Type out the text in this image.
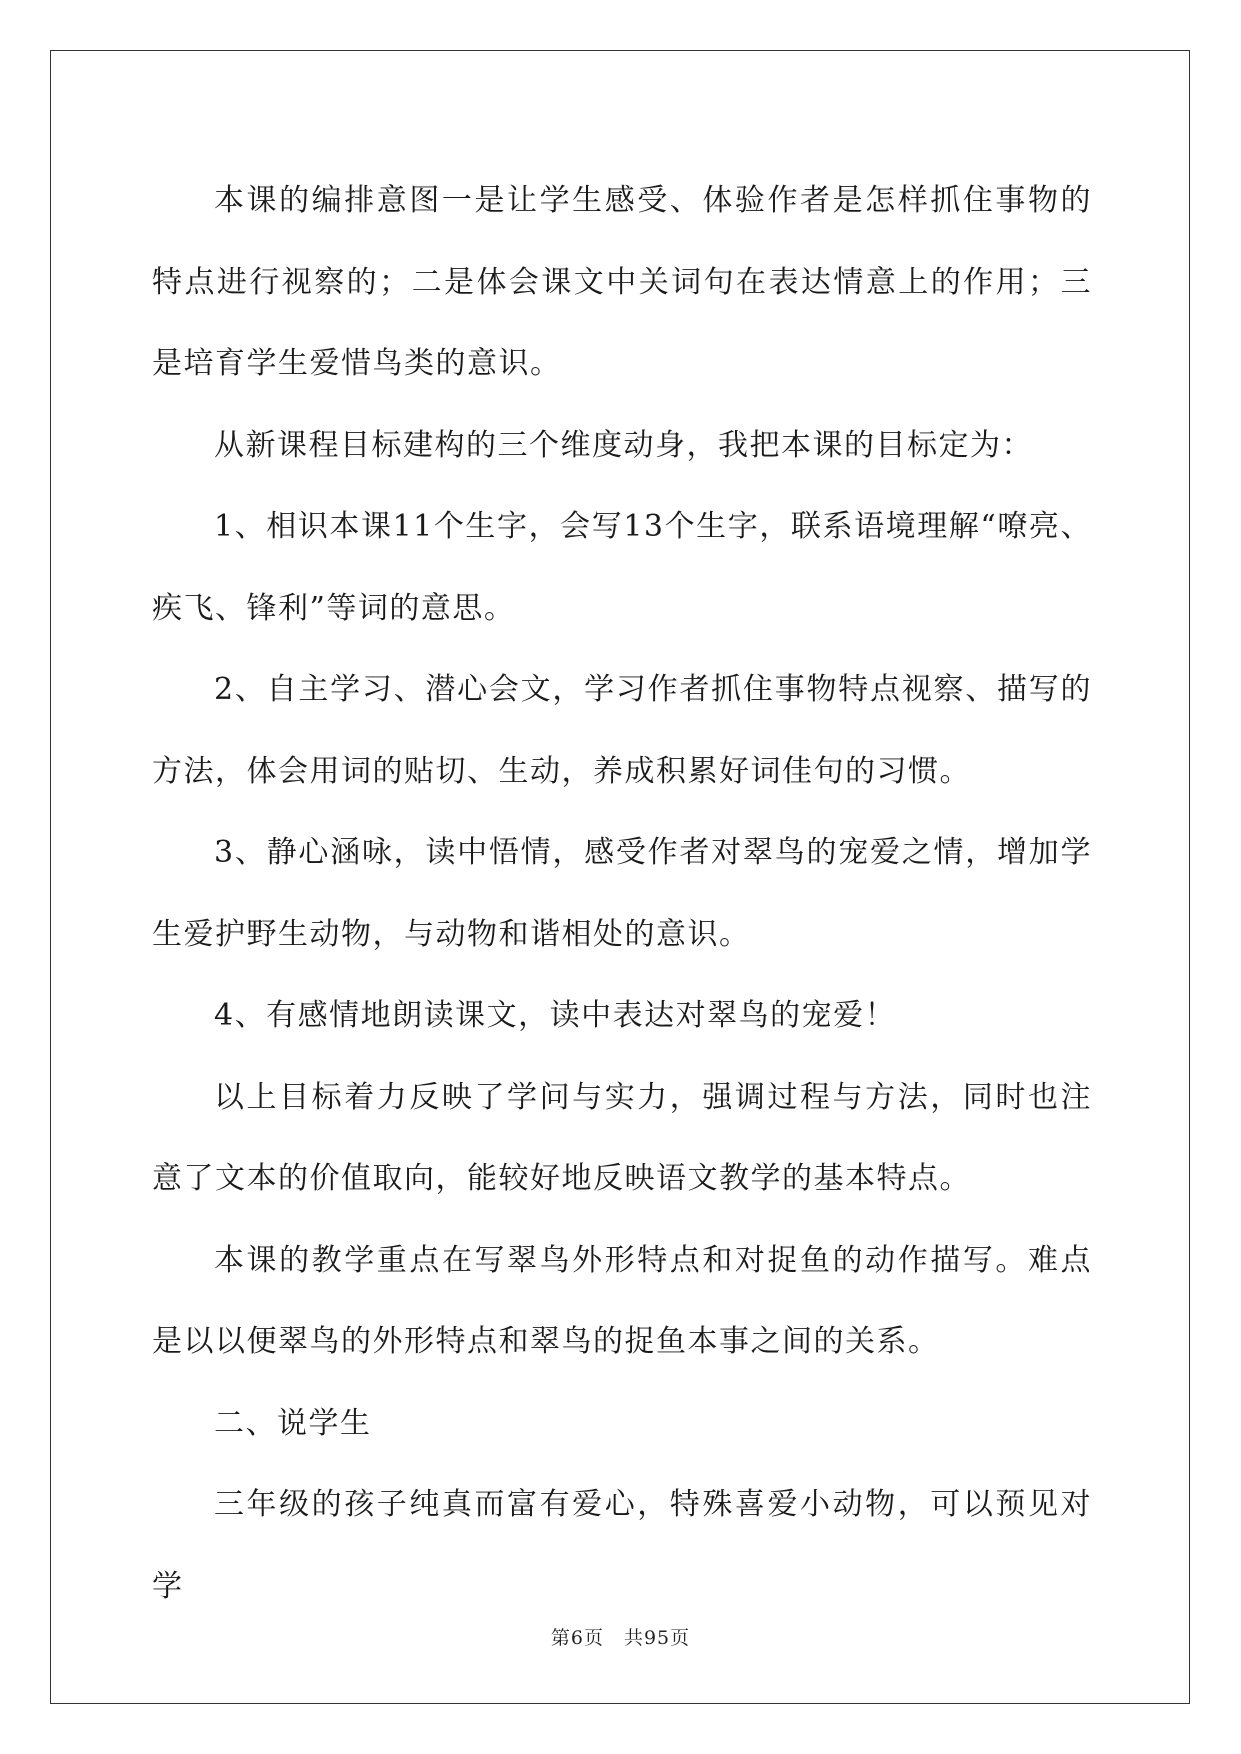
本课的编排意图一是让学生感受、体验作者是怎样抓住事物的特点进行视察的；二是体会课文中关词句在表达情意上的作用；三是培育学生爱惜鸟类的意识。

从新课程目标建构的三个维度动身，我把本课的目标定为：

1、相识本课11个生字，会写13个生字，联系语境理解“嘹亮、疾飞、锋利”等词的意思。

2、自主学习、潜心会文，学习作者抓住事物特点视察、描写的方法，体会用词的贴切、生动，养成积累好词佳句的习惯。

3、静心涵咏，读中悟情，感受作者对翠鸟的宠爱之情，增加学生爱护野生动物，与动物和谐相处的意识。

4、有感情地朗读课文，读中表达对翠鸟的宠爱！

以上目标着力反映了学问与实力，强调过程与方法，同时也注意了文本的价值取向，能较好地反映语文教学的基本特点。

本课的教学重点在写翠鸟外形特点和对捉鱼的动作描写。难点是以以便翠鸟的外形特点和翠鸟的捉鱼本事之间的关系。

二、说学生

三年级的孩子纯真而富有爱心，特殊喜爱小动物，可以预见对学

第6页 共95页
